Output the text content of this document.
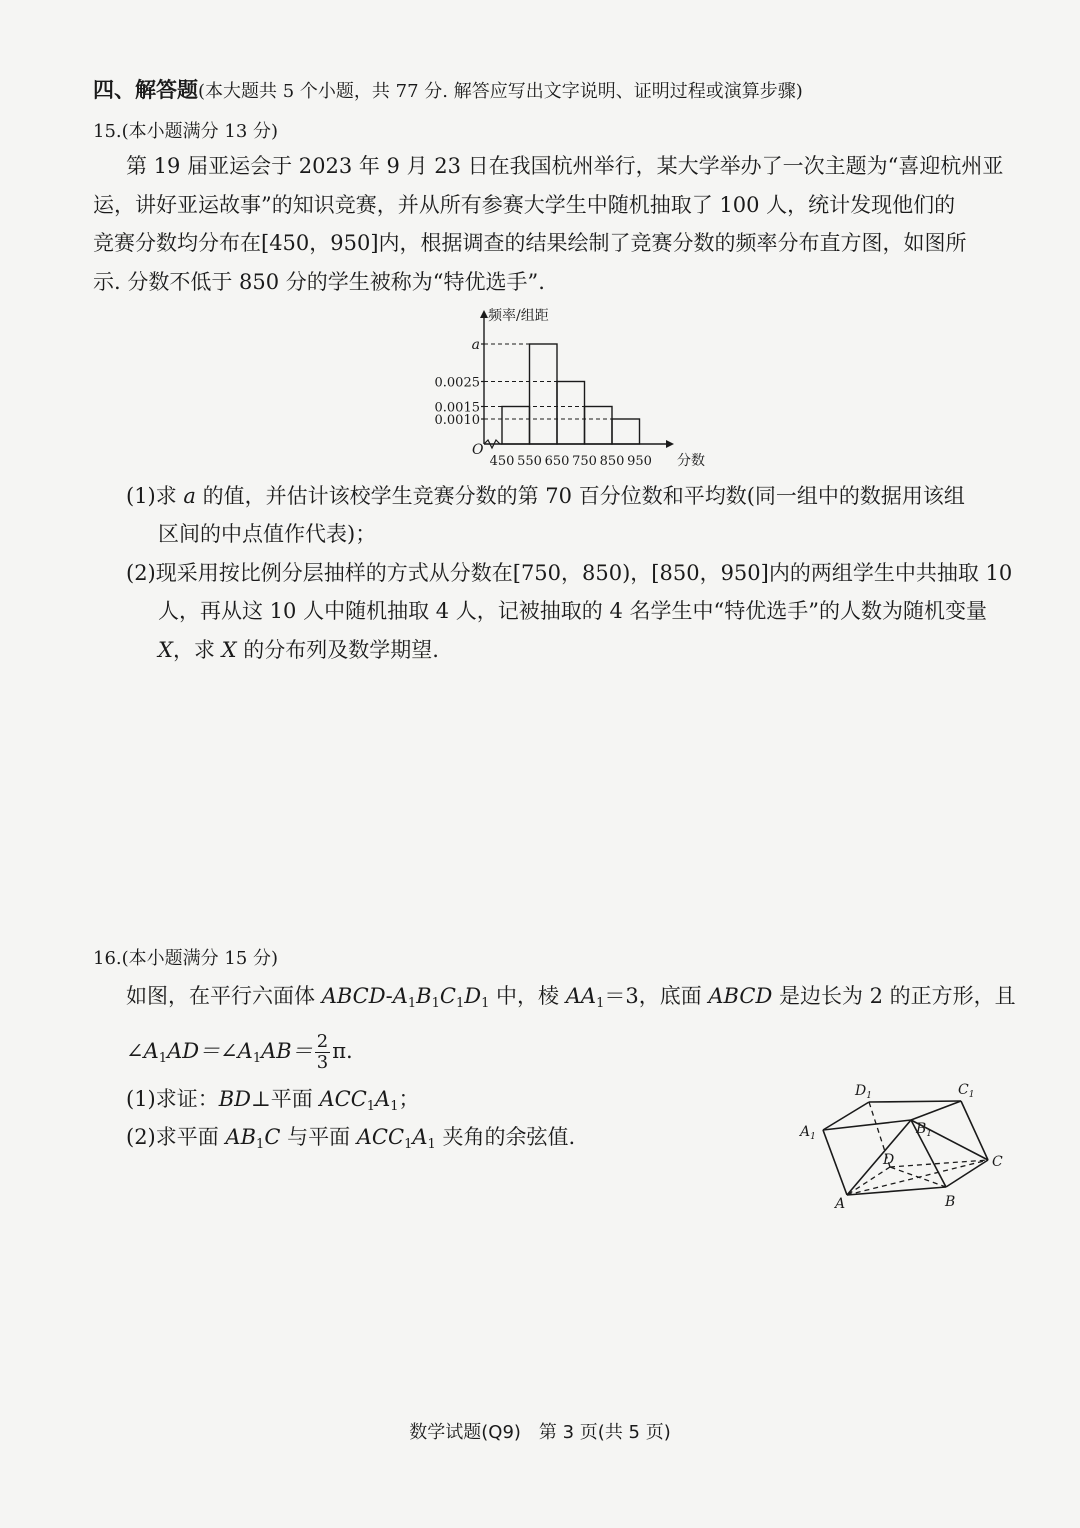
四、解答题(本大题共 5 个小题，共 77 分. 解答应写出文字说明、证明过程或演算步骤)
15.(本小题满分 13 分)
第 19 届亚运会于 2023 年 9 月 23 日在我国杭州举行，某大学举办了一次主题为“喜迎杭州亚
运，讲好亚运故事”的知识竞赛，并从所有参赛大学生中随机抽取了 100 人，统计发现他们的
竞赛分数均分布在[450，950]内，根据调查的结果绘制了竞赛分数的频率分布直方图，如图所
示. 分数不低于 850 分的学生被称为“特优选手”.
0.0010
0.0015
0.0025
a
450 550 650 750 850 950 分数
频率/组距
O
(1)求 a 的值，并估计该校学生竞赛分数的第 70 百分位数和平均数(同一组中的数据用该组
区间的中点值作代表)；
(2)现采用按比例分层抽样的方式从分数在[750，850)，[850，950]内的两组学生中共抽取 10
人，再从这 10 人中随机抽取 4 人，记被抽取的 4 名学生中“特优选手”的人数为随机变量
X，求 X 的分布列及数学期望.
16.(本小题满分 15 分)
如图，在平行六面体 ABCD-$A_1B_1C_1D_1$ 中，棱 $AA_1=3$，底面 ABCD 是边长为 2 的正方形，且
$\angle A_1AD=\angle A_1AB= \frac{2}{3} \pi$.
(1)求证：BD⊥平面 $ACC_1A_1$；
(2)求平面 $AB_1C$ 与平面 $ACC_1A_1$ 夹角的余弦值.
$D_1$	$C_1$
$A_1$	$B_1$
D	C
A	B
数学试题(Q9)　第 3 页(共 5 页)
